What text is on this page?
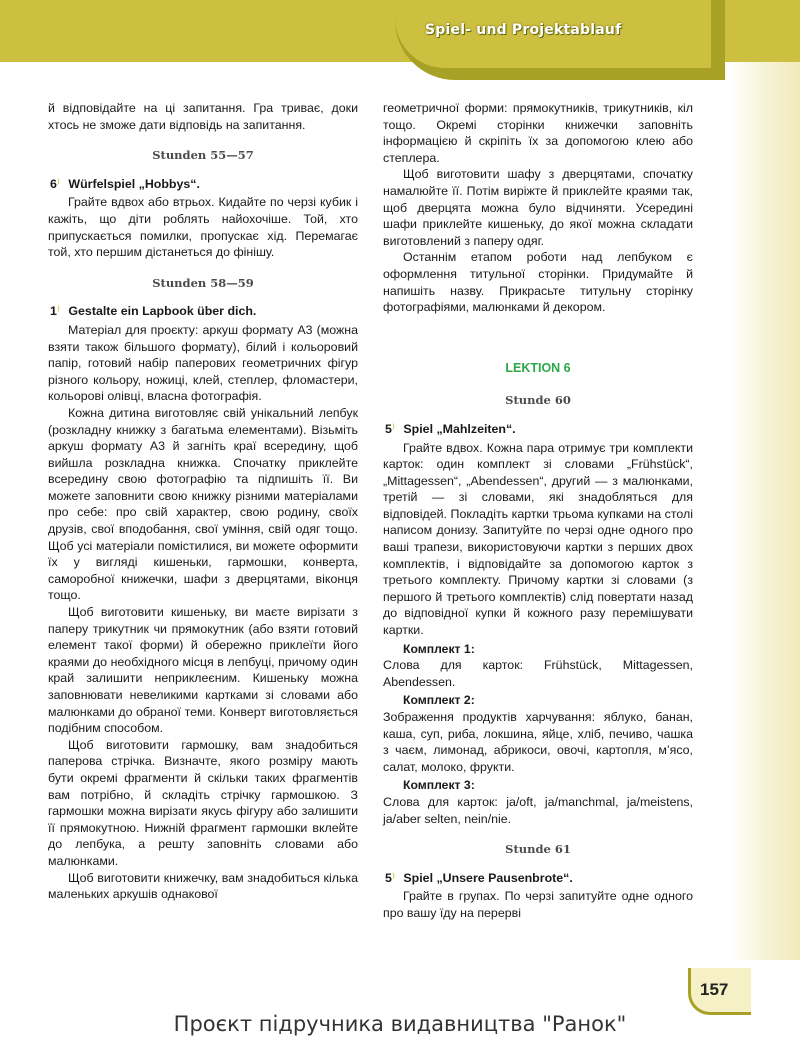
Spiel- und Projektablauf

й відповідайте на ці запитання. Гра триває, доки хтось не зможе дати відповідь на запитання.

Stunden 55—57
6⁾ Würfelspiel „Hobbys“.

Грайте вдвох або втрьох. Кидайте по черзі кубик і кажіть, що діти роблять найохочіше. Той, хто припускається помилки, пропускає хід. Перемагає той, хто першим дістанеться до фінішу.

Stunden 58—59
1⁾ Gestalte ein Lapbook über dich.

Матеріал для проєкту: аркуш формату А3 (можна взяти також більшого формату), білий і кольоровий папір, готовий набір паперових геометричних фігур різного кольору, ножиці, клей, степлер, фломастери, кольорові олівці, власна фотографія.

Кожна дитина виготовляє свій унікальний лепбук (розкладну книжку з багатьма елементами). Візьміть аркуш формату А3 й загніть краї всередину, щоб вийшла розкладна книжка. Спочатку приклейте всередину свою фотографію та підпишіть її. Ви можете заповнити свою книжку різними матеріалами про себе: про свій характер, свою родину, своїх друзів, свої вподобання, свої уміння, свій одяг тощо. Щоб усі матеріали помістилися, ви можете оформити їх у вигляді кишеньки, гармошки, конверта, саморобної книжечки, шафи з дверцятами, віконця тощо.

Щоб виготовити кишеньку, ви маєте вирізати з паперу трикутник чи прямокутник (або взяти готовий елемент такої форми) й обережно приклеїти його краями до необхідного місця в лепбуці, причому один край залишити неприклеєним. Кишеньку можна заповнювати невеликими картками зі словами або малюнками до обраної теми. Конверт виготовляється подібним способом.

Щоб виготовити гармошку, вам знадобиться паперова стрічка. Визначте, якого розміру мають бути окремі фрагменти й скільки таких фрагментів вам потрібно, й складіть стрічку гармошкою. З гармошки можна вирізати якусь фігуру або залишити її прямокутною. Нижній фрагмент гармошки вклейте до лепбука, а решту заповніть словами або малюнками.

Щоб виготовити книжечку, вам знадобиться кілька маленьких аркушів однакової

геометричної форми: прямокутників, трикутників, кіл тощо. Окремі сторінки книжечки заповніть інформацією й скріпіть їх за допомогою клею або степлера.

Щоб виготовити шафу з дверцятами, спочатку намалюйте її. Потім виріжте й приклейте краями так, щоб дверцята можна було відчиняти. Усередині шафи приклейте кишеньку, до якої можна складати виготовлений з паперу одяг.

Останнім етапом роботи над лепбуком є оформлення титульної сторінки. Придумайте й напишіть назву. Прикрасьте титульну сторінку фотографіями, малюнками й декором.

LEKTION 6
Stunde 60
5⁾ Spiel „Mahlzeiten“.

Грайте вдвох. Кожна пара отримує три комплекти карток: один комплект зі словами „Frühstück“, „Mittagessen“, „Abendessen“, другий — з малюнками, третій — зі словами, які знадобляться для відповідей. Покладіть картки трьома купками на столі написом донизу. Запитуйте по черзі одне одного про ваші трапези, використовуючи картки з перших двох комплектів, і відповідайте за допомогою карток з третього комплекту. Причому картки зі словами (з першого й третього комплектів) слід повертати назад до відповідної купки й кожного разу перемішувати картки.

Комплект 1:

Слова для карток: Frühstück, Mittagessen, Abendessen.

Комплект 2:

Зображення продуктів харчування: яблуко, банан, каша, суп, риба, локшина, яйце, хліб, печиво, чашка з чаєм, лимонад, абрикоси, овочі, картопля, м’ясо, салат, молоко, фрукти.

Комплект 3:

Слова для карток: ja/oft, ja/manchmal, ja/meistens, ja/aber selten, nein/nie.

Stunde 61
5⁾ Spiel „Unsere Pausenbrote“.

Грайте в групах. По черзі запитуйте одне одного про вашу їду на перерві

157
Проєкт підручника видавництва "Ранок"
